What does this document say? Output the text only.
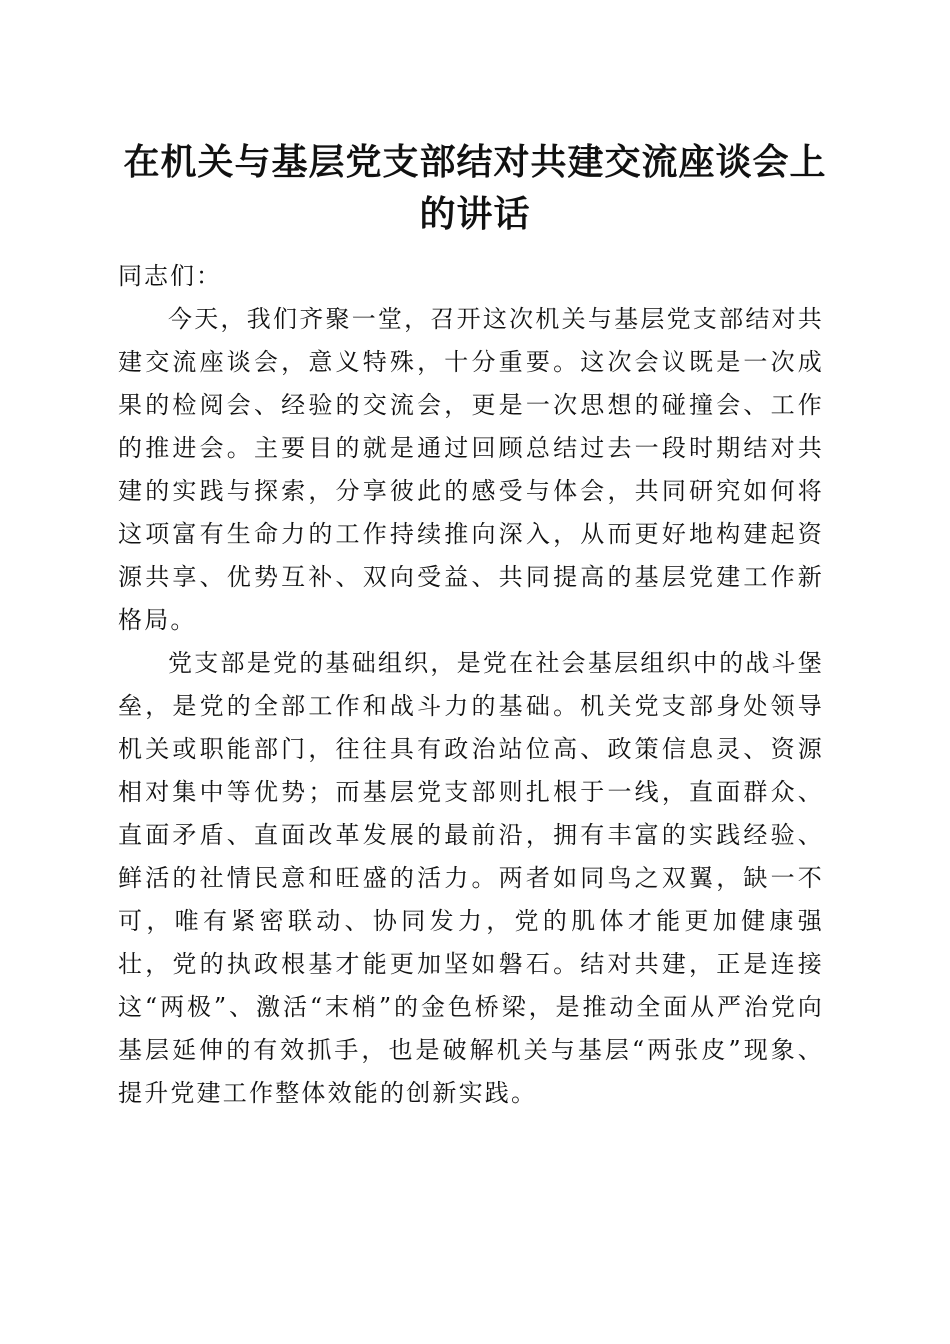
在机关与基层党支部结对共建交流座谈会上的讲话

同志们：

今天，我们齐聚一堂，召开这次机关与基层党支部结对共建交流座谈会，意义特殊，十分重要。这次会议既是一次成果的检阅会、经验的交流会，更是一次思想的碰撞会、工作的推进会。主要目的就是通过回顾总结过去一段时期结对共建的实践与探索，分享彼此的感受与体会，共同研究如何将这项富有生命力的工作持续推向深入，从而更好地构建起资源共享、优势互补、双向受益、共同提高的基层党建工作新格局。

党支部是党的基础组织，是党在社会基层组织中的战斗堡垒，是党的全部工作和战斗力的基础。机关党支部身处领导机关或职能部门，往往具有政治站位高、政策信息灵、资源相对集中等优势；而基层党支部则扎根于一线，直面群众、直面矛盾、直面改革发展的最前沿，拥有丰富的实践经验、鲜活的社情民意和旺盛的活力。两者如同鸟之双翼，缺一不可，唯有紧密联动、协同发力，党的肌体才能更加健康强壮，党的执政根基才能更加坚如磐石。结对共建，正是连接这“两极”、激活“末梢”的金色桥梁，是推动全面从严治党向基层延伸的有效抓手，也是破解机关与基层“两张皮”现象、提升党建工作整体效能的创新实践。
